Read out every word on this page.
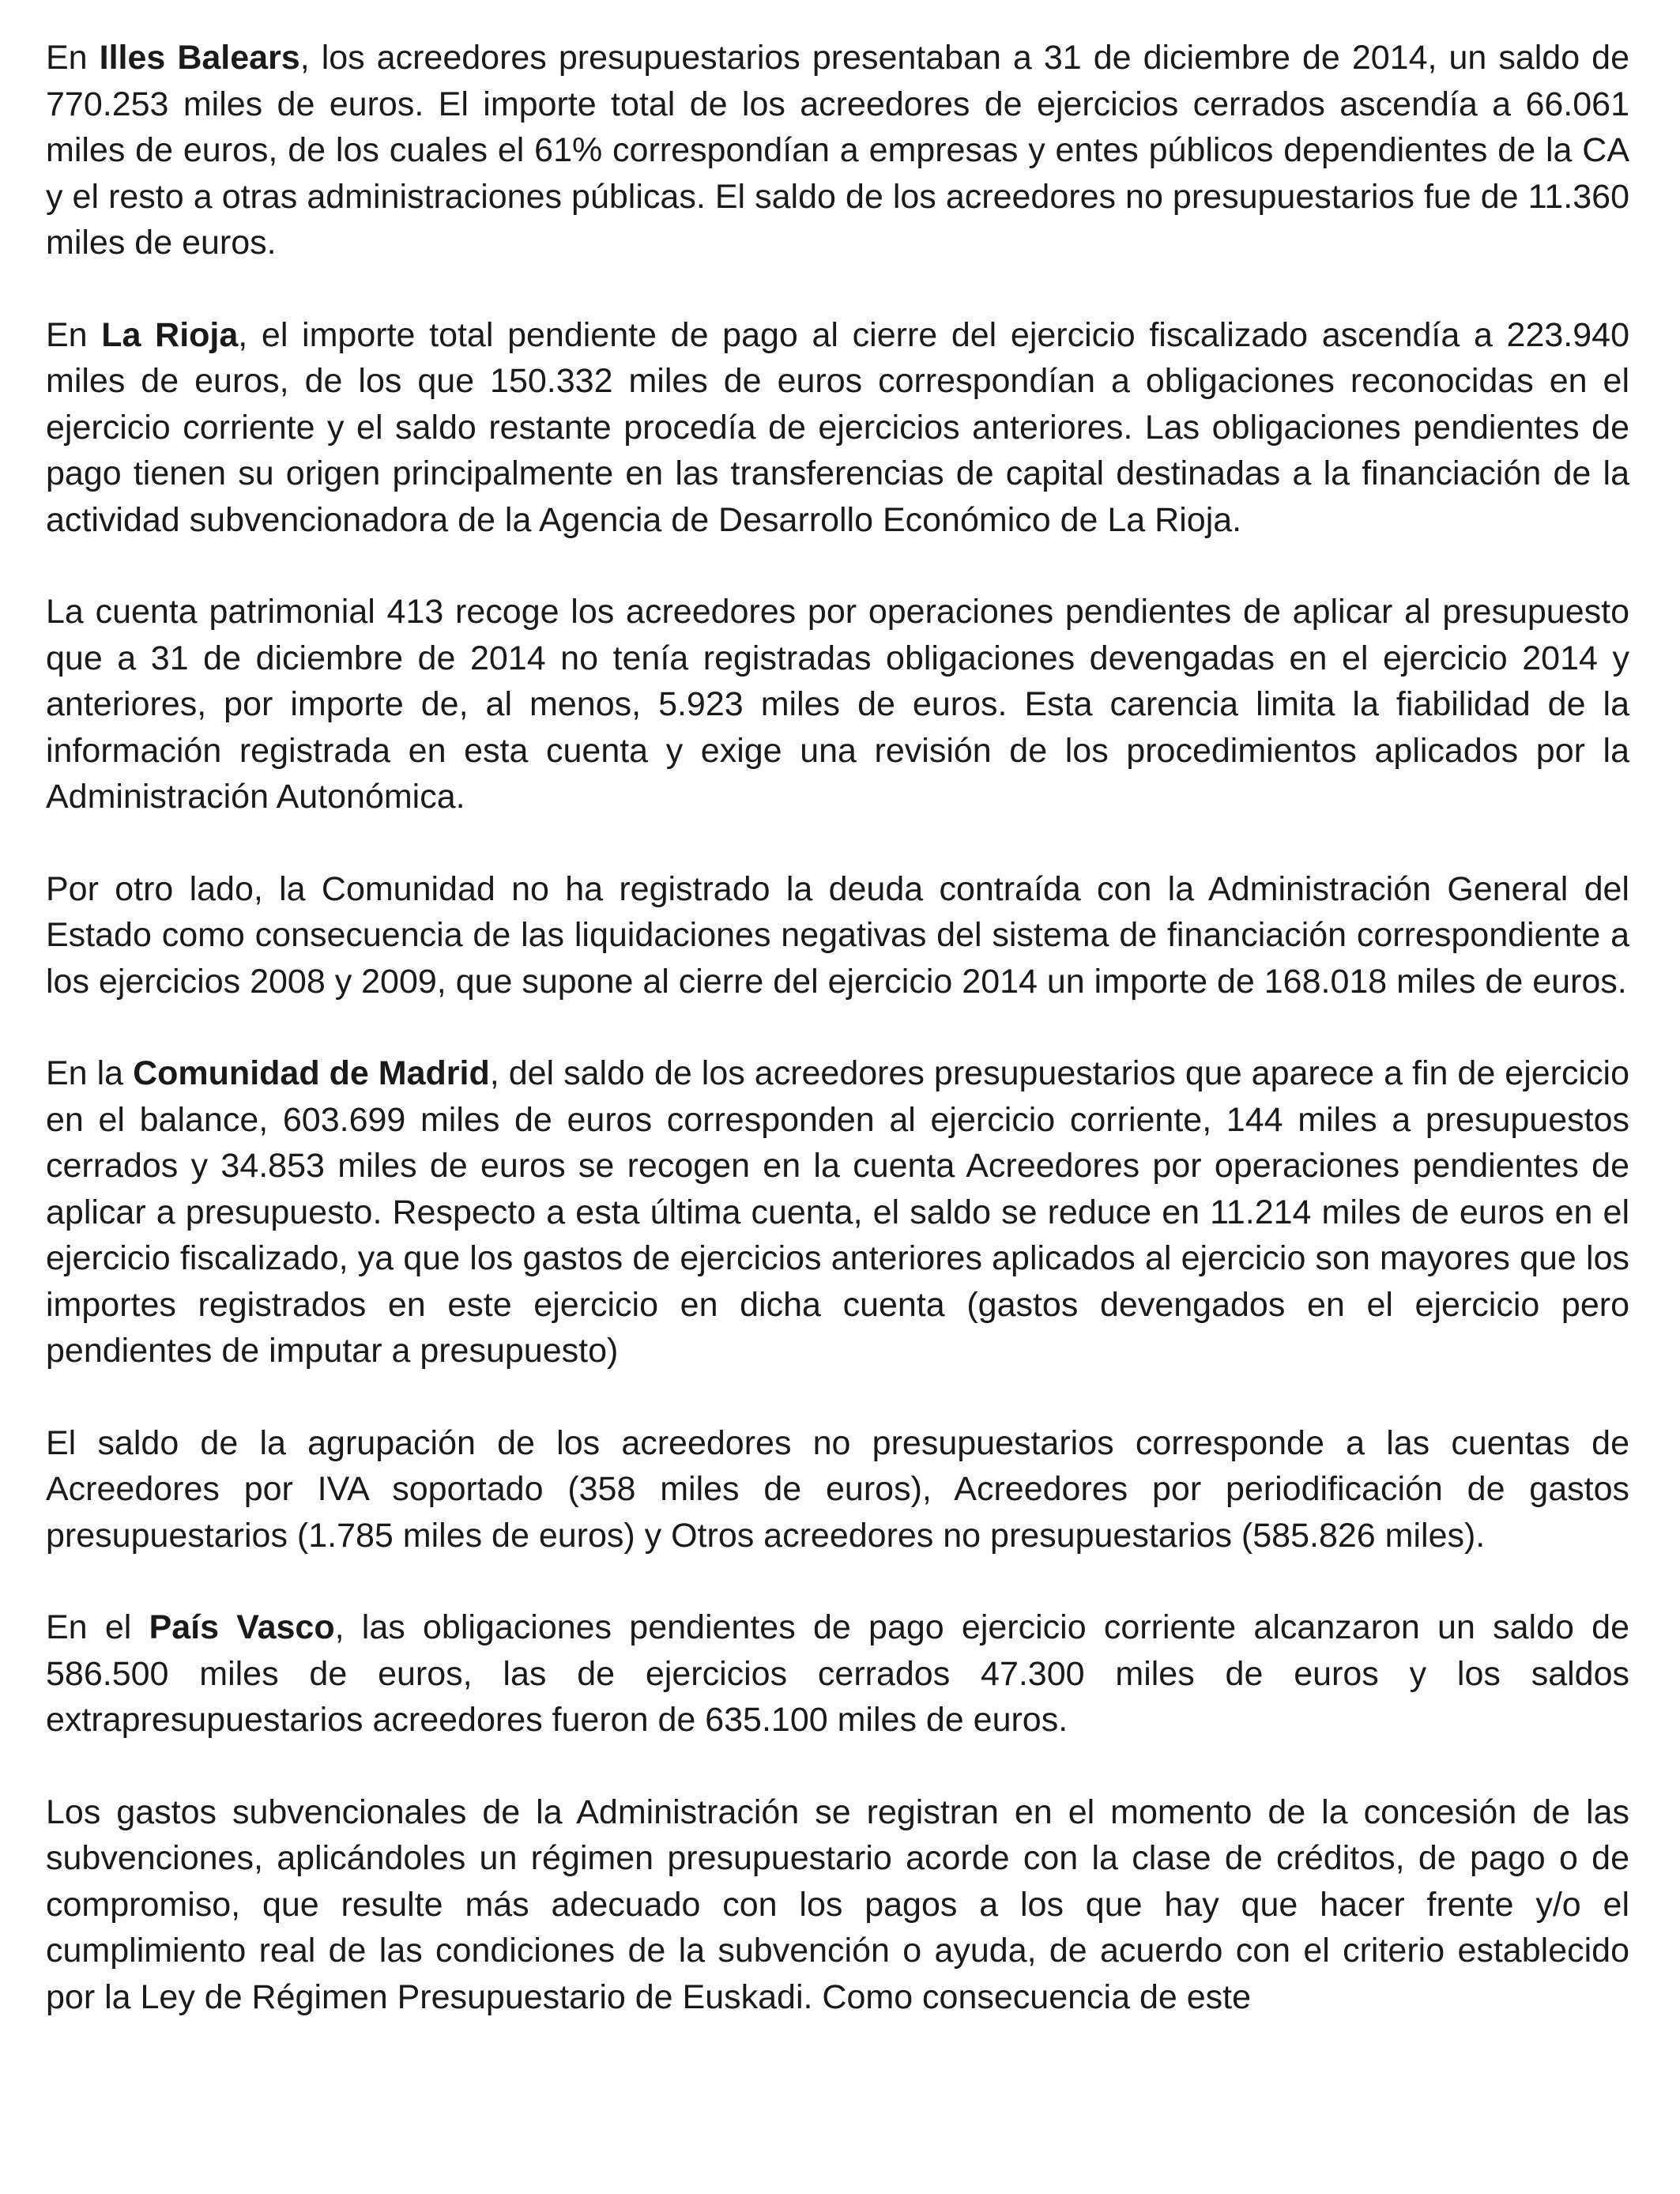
En Illes Balears, los acreedores presupuestarios presentaban a 31 de diciembre de 2014, un saldo de 770.253 miles de euros. El importe total de los acreedores de ejercicios cerrados ascendía a 66.061 miles de euros, de los cuales el 61% correspondían a empresas y entes públicos dependientes de la CA y el resto a otras administraciones públicas. El saldo de los acreedores no presupuestarios fue de 11.360 miles de euros.

En La Rioja, el importe total pendiente de pago al cierre del ejercicio fiscalizado ascendía a 223.940 miles de euros, de los que 150.332 miles de euros correspondían a obligaciones reconocidas en el ejercicio corriente y el saldo restante procedía de ejercicios anteriores. Las obligaciones pendientes de pago tienen su origen principalmente en las transferencias de capital destinadas a la financiación de la actividad subvencionadora de la Agencia de Desarrollo Económico de La Rioja.

La cuenta patrimonial 413 recoge los acreedores por operaciones pendientes de aplicar al presupuesto que a 31 de diciembre de 2014 no tenía registradas obligaciones devengadas en el ejercicio 2014 y anteriores, por importe de, al menos, 5.923 miles de euros. Esta carencia limita la fiabilidad de la información registrada en esta cuenta y exige una revisión de los procedimientos aplicados por la Administración Autonómica.

Por otro lado, la Comunidad no ha registrado la deuda contraída con la Administración General del Estado como consecuencia de las liquidaciones negativas del sistema de financiación correspondiente a los ejercicios 2008 y 2009, que supone al cierre del ejercicio 2014 un importe de 168.018 miles de euros.

En la Comunidad de Madrid, del saldo de los acreedores presupuestarios que aparece a fin de ejercicio en el balance, 603.699 miles de euros corresponden al ejercicio corriente, 144 miles a presupuestos cerrados y 34.853 miles de euros se recogen en la cuenta Acreedores por operaciones pendientes de aplicar a presupuesto. Respecto a esta última cuenta, el saldo se reduce en 11.214 miles de euros en el ejercicio fiscalizado, ya que los gastos de ejercicios anteriores aplicados al ejercicio son mayores que los importes registrados en este ejercicio en dicha cuenta (gastos devengados en el ejercicio pero pendientes de imputar a presupuesto)

El saldo de la agrupación de los acreedores no presupuestarios corresponde a las cuentas de Acreedores por IVA soportado (358 miles de euros), Acreedores por periodificación de gastos presupuestarios (1.785 miles de euros) y Otros acreedores no presupuestarios (585.826 miles).

En el País Vasco, las obligaciones pendientes de pago ejercicio corriente alcanzaron un saldo de 586.500 miles de euros, las de ejercicios cerrados 47.300 miles de euros y los saldos extrapresupuestarios acreedores fueron de 635.100 miles de euros.

Los gastos subvencionales de la Administración se registran en el momento de la concesión de las subvenciones, aplicándoles un régimen presupuestario acorde con la clase de créditos, de pago o de compromiso, que resulte más adecuado con los pagos a los que hay que hacer frente y/o el cumplimiento real de las condiciones de la subvención o ayuda, de acuerdo con el criterio establecido por la Ley de Régimen Presupuestario de Euskadi. Como consecuencia de este
